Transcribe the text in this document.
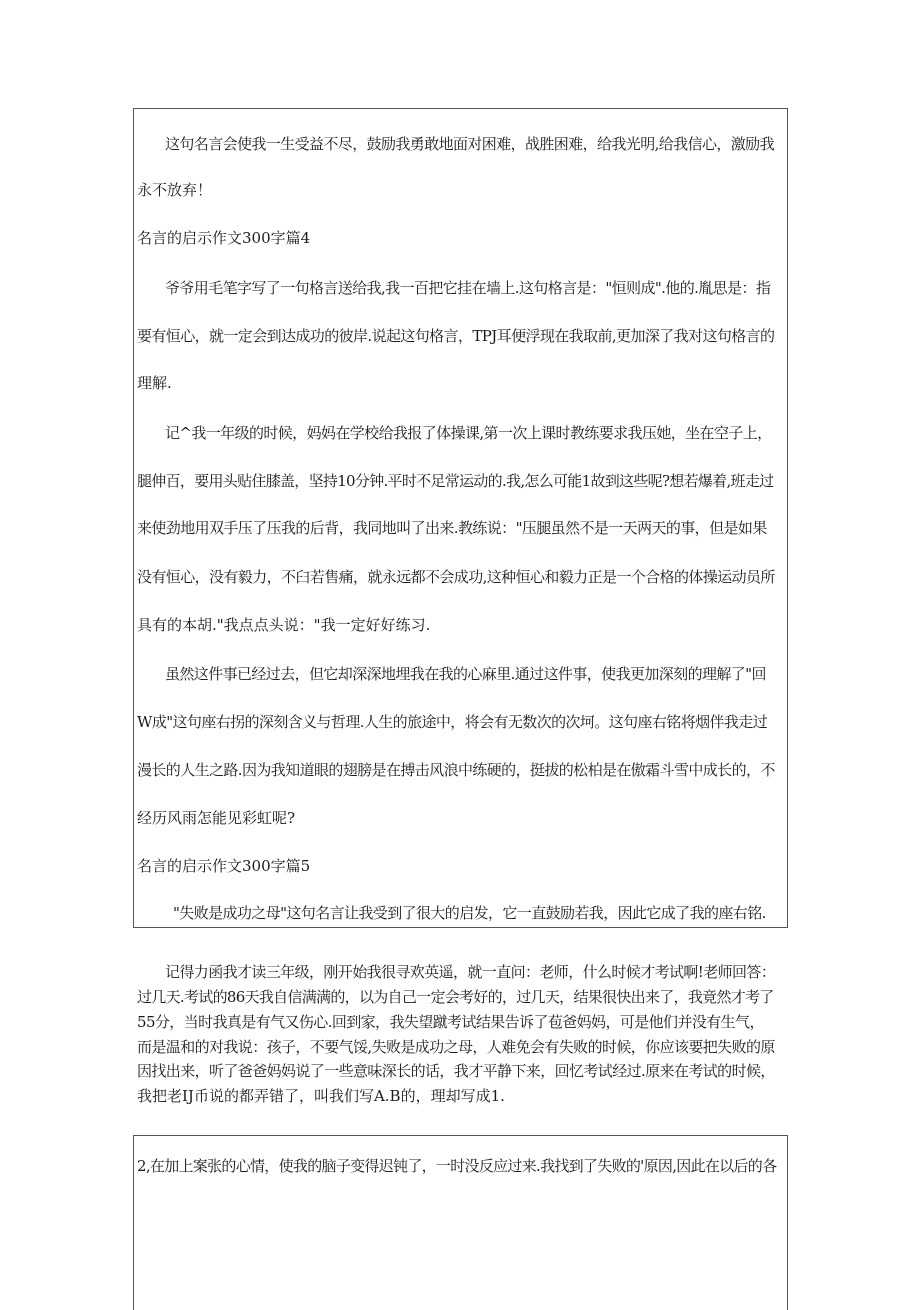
这句名言会使我一生受益不尽，鼓励我勇敢地面对困难，战胜困难，给我光明,给我信心，激励我
永不放弃！
名言的启示作文300字篇4
爷爷用毛笔字写了一句格言送给我,我一百把它挂在墙上.这句格言是："恒则成".他的.胤思是：指
要有恒心，就一定会到达成功的彼岸.说起这句格言，TPJ耳便浮现在我取前,更加深了我对这句格言的
理解.
记^我一年级的时候，妈妈在学校给我报了体操课,第一次上课时教练要求我压她，坐在空子上，
腿伸百，要用头贴住膝盖，坚持10分钟.平时不足常运动的.我,怎么可能1故到这些呢?想若爆着,班走过
来使劲地用双手压了压我的后背，我同地叫了出来.教练说："压腿虽然不是一天两天的事，但是如果
没有恒心，没有毅力，不臼若售痛，就永远都不会成功,这种恒心和毅力正是一个合格的体操运动员所
具有的本胡."我点点头说："我一定好好练习.
虽然这件事已经过去，但它却深深地埋我在我的心麻里.通过这件事，使我更加深刻的理解了"回
W成"这句座右拐的深刻含义与哲理.人生的旅途中，将会有无数次的次坷。这句座右铭将烟伴我走过
漫长的人生之路.因为我知道眼的翅膀是在搏击风浪中练硬的，挺拔的松柏是在傲霜斗雪中成长的，不
经历风雨怎能见彩虹呢?
名言的启示作文300字篇5
"失败是成功之母"这句名言让我受到了很大的启发，它一直鼓励若我，因此它成了我的座右铭.
记得力函我才读三年级，刚开始我很寻欢英遥，就一直问：老师，什么时候才考试啊!老师回答：
过几天.考试的86天我自信满满的，以为自己一定会考好的，过几天，结果很快出来了，我竟然才考了
55分，当时我真是有气又伤心.回到家，我失望蹴考试结果告诉了苞爸妈妈，可是他们并没有生气，
而是温和的对我说：孩子，不要气馁,失败是成功之母，人难免会有失败的时候，你应该要把失败的原
因找出来，听了爸爸妈妈说了一些意味深长的话，我才平静下来，回忆考试经过.原来在考试的时候，
我把老IJ币说的都弄错了，叫我们写A.B的，理却写成1.
2,在加上案张的心情，使我的脑子变得迟钝了，一时没反应过来.我找到了失败的'原因,因此在以后的各
